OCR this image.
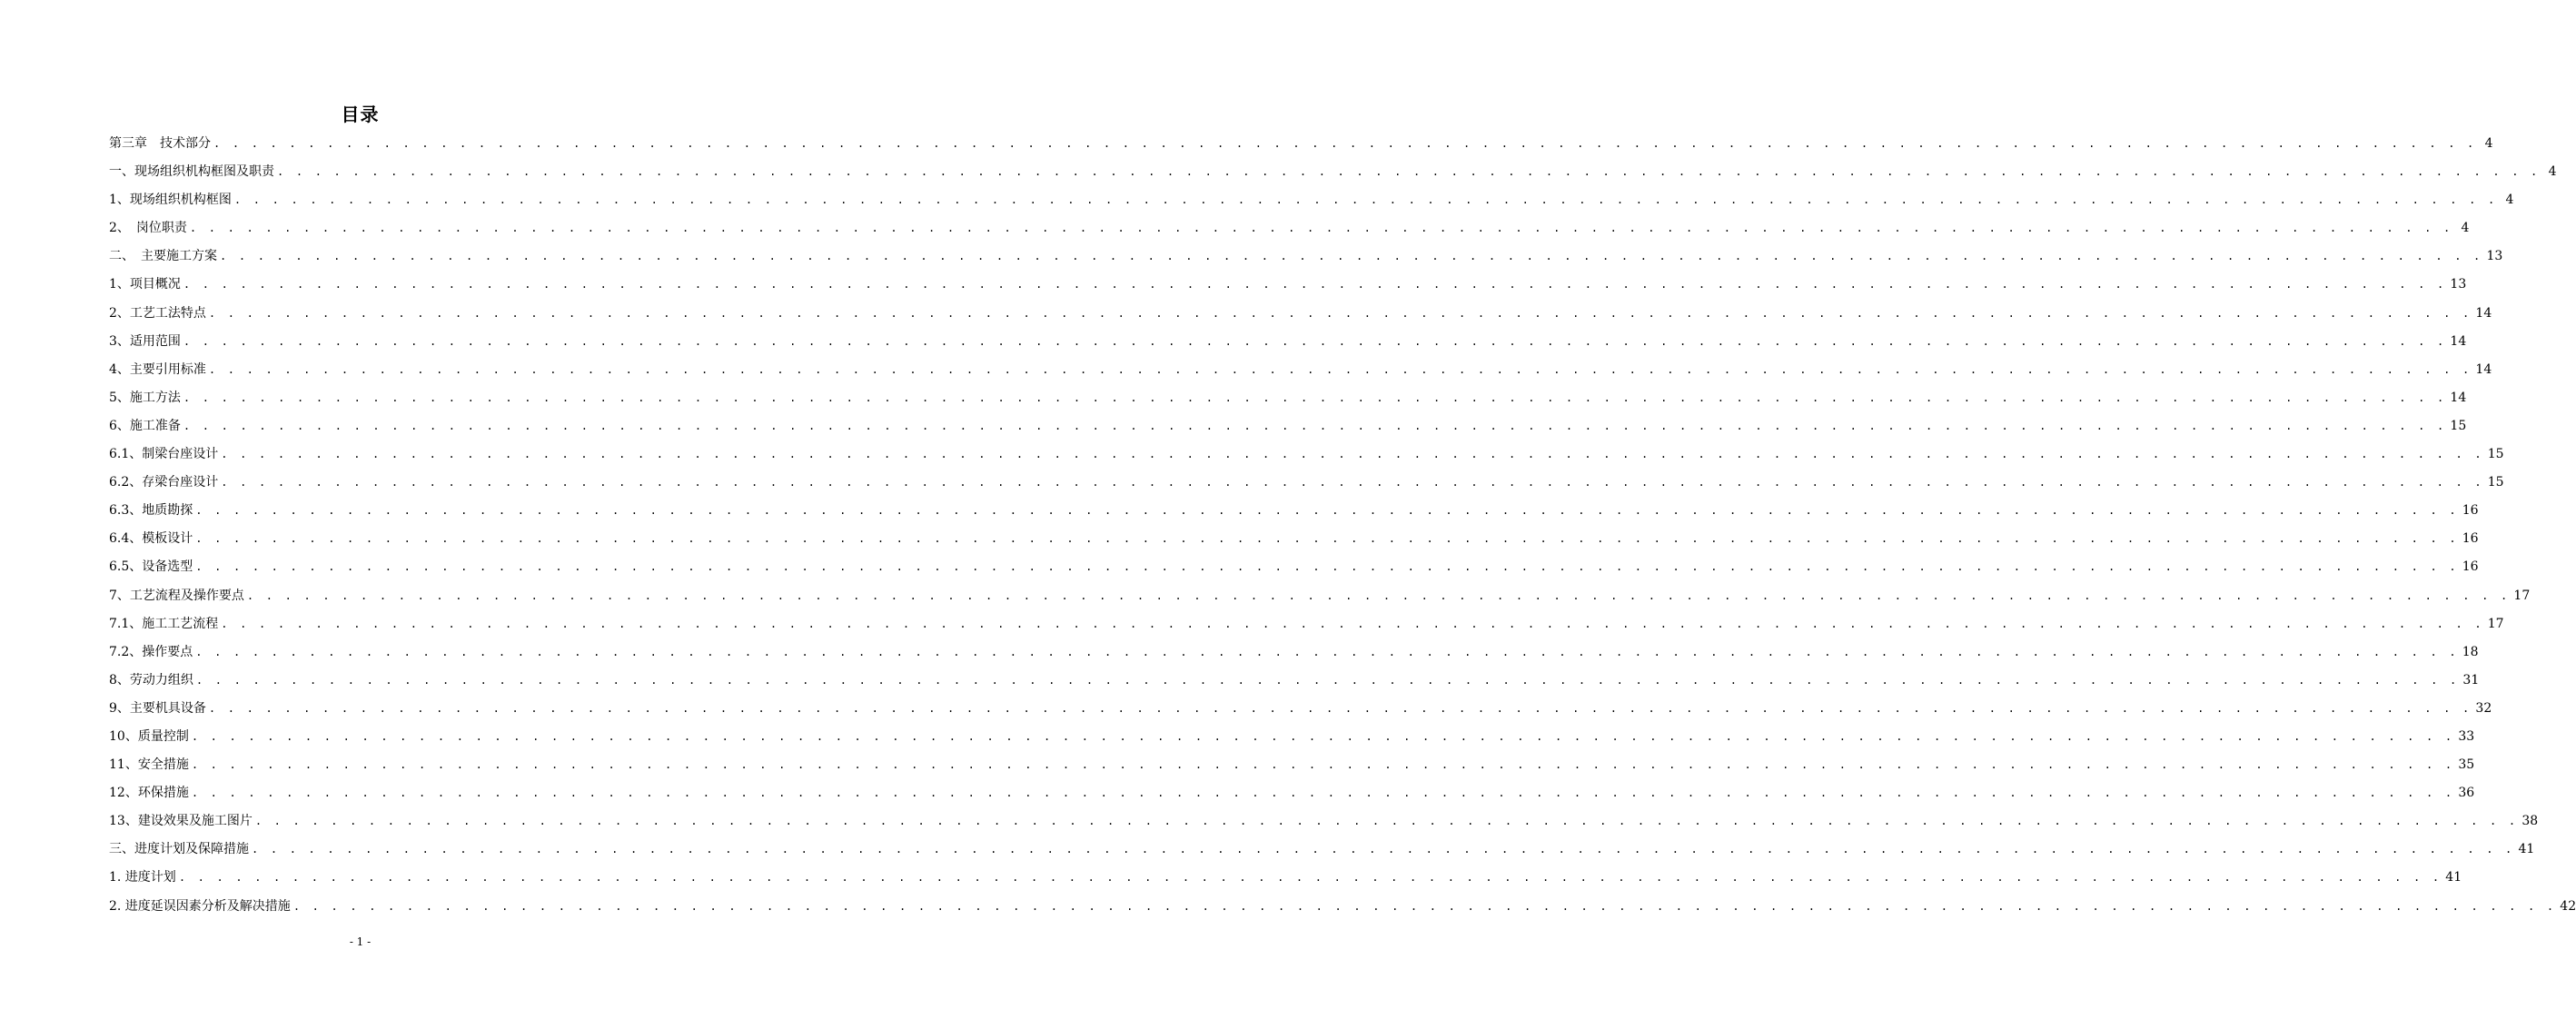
目录
第三章　技术部分 . . . . . . . . . . . . . . . . . . . . . . . . . . . . . . . . . . . . . . . . . . . . . . . . . . . . . . . . . . . . . . . . . . . . . . . . . . . . . . . . . . . . . . . . . . . . . . . . . . . . . . . . . . . . . . . . . . . . . . . . 4
一、现场组织机构框图及职责 . . . . . . . . . . . . . . . . . . . . . . . . . . . . . . . . . . . . . . . . . . . . . . . . . . . . . . . . . . . . . . . . . . . . . . . . . . . . . . . . . . . . . . . . . . . . . . . . . . . . . . . . . . . . . . . . . . . . . . . . 4
1、现场组织机构框图 . . . . . . . . . . . . . . . . . . . . . . . . . . . . . . . . . . . . . . . . . . . . . . . . . . . . . . . . . . . . . . . . . . . . . . . . . . . . . . . . . . . . . . . . . . . . . . . . . . . . . . . . . . . . . . . . . . . . . . . . 4
2、　岗位职责 . . . . . . . . . . . . . . . . . . . . . . . . . . . . . . . . . . . . . . . . . . . . . . . . . . . . . . . . . . . . . . . . . . . . . . . . . . . . . . . . . . . . . . . . . . . . . . . . . . . . . . . . . . . . . . . . . . . . . . . . 4
二、　主要施工方案 . . . . . . . . . . . . . . . . . . . . . . . . . . . . . . . . . . . . . . . . . . . . . . . . . . . . . . . . . . . . . . . . . . . . . . . . . . . . . . . . . . . . . . . . . . . . . . . . . . . . . . . . . . . . . . . . . . . . . . . . 13
1、项目概况 . . . . . . . . . . . . . . . . . . . . . . . . . . . . . . . . . . . . . . . . . . . . . . . . . . . . . . . . . . . . . . . . . . . . . . . . . . . . . . . . . . . . . . . . . . . . . . . . . . . . . . . . . . . . . . . . . . . . . . . . 13
2、工艺工法特点 . . . . . . . . . . . . . . . . . . . . . . . . . . . . . . . . . . . . . . . . . . . . . . . . . . . . . . . . . . . . . . . . . . . . . . . . . . . . . . . . . . . . . . . . . . . . . . . . . . . . . . . . . . . . . . . . . . . . . . . . 14
3、适用范围 . . . . . . . . . . . . . . . . . . . . . . . . . . . . . . . . . . . . . . . . . . . . . . . . . . . . . . . . . . . . . . . . . . . . . . . . . . . . . . . . . . . . . . . . . . . . . . . . . . . . . . . . . . . . . . . . . . . . . . . . 14
4、主要引用标准 . . . . . . . . . . . . . . . . . . . . . . . . . . . . . . . . . . . . . . . . . . . . . . . . . . . . . . . . . . . . . . . . . . . . . . . . . . . . . . . . . . . . . . . . . . . . . . . . . . . . . . . . . . . . . . . . . . . . . . . . 14
5、施工方法 . . . . . . . . . . . . . . . . . . . . . . . . . . . . . . . . . . . . . . . . . . . . . . . . . . . . . . . . . . . . . . . . . . . . . . . . . . . . . . . . . . . . . . . . . . . . . . . . . . . . . . . . . . . . . . . . . . . . . . . . 14
6、施工准备 . . . . . . . . . . . . . . . . . . . . . . . . . . . . . . . . . . . . . . . . . . . . . . . . . . . . . . . . . . . . . . . . . . . . . . . . . . . . . . . . . . . . . . . . . . . . . . . . . . . . . . . . . . . . . . . . . . . . . . . . 15
6.1、制梁台座设计 . . . . . . . . . . . . . . . . . . . . . . . . . . . . . . . . . . . . . . . . . . . . . . . . . . . . . . . . . . . . . . . . . . . . . . . . . . . . . . . . . . . . . . . . . . . . . . . . . . . . . . . . . . . . . . . . . . . . . . . . 15
6.2、存梁台座设计 . . . . . . . . . . . . . . . . . . . . . . . . . . . . . . . . . . . . . . . . . . . . . . . . . . . . . . . . . . . . . . . . . . . . . . . . . . . . . . . . . . . . . . . . . . . . . . . . . . . . . . . . . . . . . . . . . . . . . . . . 15
6.3、地质勘探 . . . . . . . . . . . . . . . . . . . . . . . . . . . . . . . . . . . . . . . . . . . . . . . . . . . . . . . . . . . . . . . . . . . . . . . . . . . . . . . . . . . . . . . . . . . . . . . . . . . . . . . . . . . . . . . . . . . . . . . . 16
6.4、模板设计 . . . . . . . . . . . . . . . . . . . . . . . . . . . . . . . . . . . . . . . . . . . . . . . . . . . . . . . . . . . . . . . . . . . . . . . . . . . . . . . . . . . . . . . . . . . . . . . . . . . . . . . . . . . . . . . . . . . . . . . . 16
6.5、设备选型 . . . . . . . . . . . . . . . . . . . . . . . . . . . . . . . . . . . . . . . . . . . . . . . . . . . . . . . . . . . . . . . . . . . . . . . . . . . . . . . . . . . . . . . . . . . . . . . . . . . . . . . . . . . . . . . . . . . . . . . . 16
7、工艺流程及操作要点 . . . . . . . . . . . . . . . . . . . . . . . . . . . . . . . . . . . . . . . . . . . . . . . . . . . . . . . . . . . . . . . . . . . . . . . . . . . . . . . . . . . . . . . . . . . . . . . . . . . . . . . . . . . . . . . . . . . . . . . . 17
7.1、施工工艺流程 . . . . . . . . . . . . . . . . . . . . . . . . . . . . . . . . . . . . . . . . . . . . . . . . . . . . . . . . . . . . . . . . . . . . . . . . . . . . . . . . . . . . . . . . . . . . . . . . . . . . . . . . . . . . . . . . . . . . . . . . 17
7.2、操作要点 . . . . . . . . . . . . . . . . . . . . . . . . . . . . . . . . . . . . . . . . . . . . . . . . . . . . . . . . . . . . . . . . . . . . . . . . . . . . . . . . . . . . . . . . . . . . . . . . . . . . . . . . . . . . . . . . . . . . . . . . 18
8、劳动力组织 . . . . . . . . . . . . . . . . . . . . . . . . . . . . . . . . . . . . . . . . . . . . . . . . . . . . . . . . . . . . . . . . . . . . . . . . . . . . . . . . . . . . . . . . . . . . . . . . . . . . . . . . . . . . . . . . . . . . . . . . 31
9、主要机具设备 . . . . . . . . . . . . . . . . . . . . . . . . . . . . . . . . . . . . . . . . . . . . . . . . . . . . . . . . . . . . . . . . . . . . . . . . . . . . . . . . . . . . . . . . . . . . . . . . . . . . . . . . . . . . . . . . . . . . . . . . 32
10、质量控制 . . . . . . . . . . . . . . . . . . . . . . . . . . . . . . . . . . . . . . . . . . . . . . . . . . . . . . . . . . . . . . . . . . . . . . . . . . . . . . . . . . . . . . . . . . . . . . . . . . . . . . . . . . . . . . . . . . . . . . . . 33
11、安全措施 . . . . . . . . . . . . . . . . . . . . . . . . . . . . . . . . . . . . . . . . . . . . . . . . . . . . . . . . . . . . . . . . . . . . . . . . . . . . . . . . . . . . . . . . . . . . . . . . . . . . . . . . . . . . . . . . . . . . . . . . 35
12、环保措施 . . . . . . . . . . . . . . . . . . . . . . . . . . . . . . . . . . . . . . . . . . . . . . . . . . . . . . . . . . . . . . . . . . . . . . . . . . . . . . . . . . . . . . . . . . . . . . . . . . . . . . . . . . . . . . . . . . . . . . . . 36
13、建设效果及施工图片 . . . . . . . . . . . . . . . . . . . . . . . . . . . . . . . . . . . . . . . . . . . . . . . . . . . . . . . . . . . . . . . . . . . . . . . . . . . . . . . . . . . . . . . . . . . . . . . . . . . . . . . . . . . . . . . . . . . . . . . . 38
三、进度计划及保障措施 . . . . . . . . . . . . . . . . . . . . . . . . . . . . . . . . . . . . . . . . . . . . . . . . . . . . . . . . . . . . . . . . . . . . . . . . . . . . . . . . . . . . . . . . . . . . . . . . . . . . . . . . . . . . . . . . . . . . . . . . 41
1. 进度计划 . . . . . . . . . . . . . . . . . . . . . . . . . . . . . . . . . . . . . . . . . . . . . . . . . . . . . . . . . . . . . . . . . . . . . . . . . . . . . . . . . . . . . . . . . . . . . . . . . . . . . . . . . . . . . . . . . . . . . . . . 41
2. 进度延误因素分析及解决措施 . . . . . . . . . . . . . . . . . . . . . . . . . . . . . . . . . . . . . . . . . . . . . . . . . . . . . . . . . . . . . . . . . . . . . . . . . . . . . . . . . . . . . . . . . . . . . . . . . . . . . . . . . . . . . . . . . . . . . . . . 42
- 1 -
